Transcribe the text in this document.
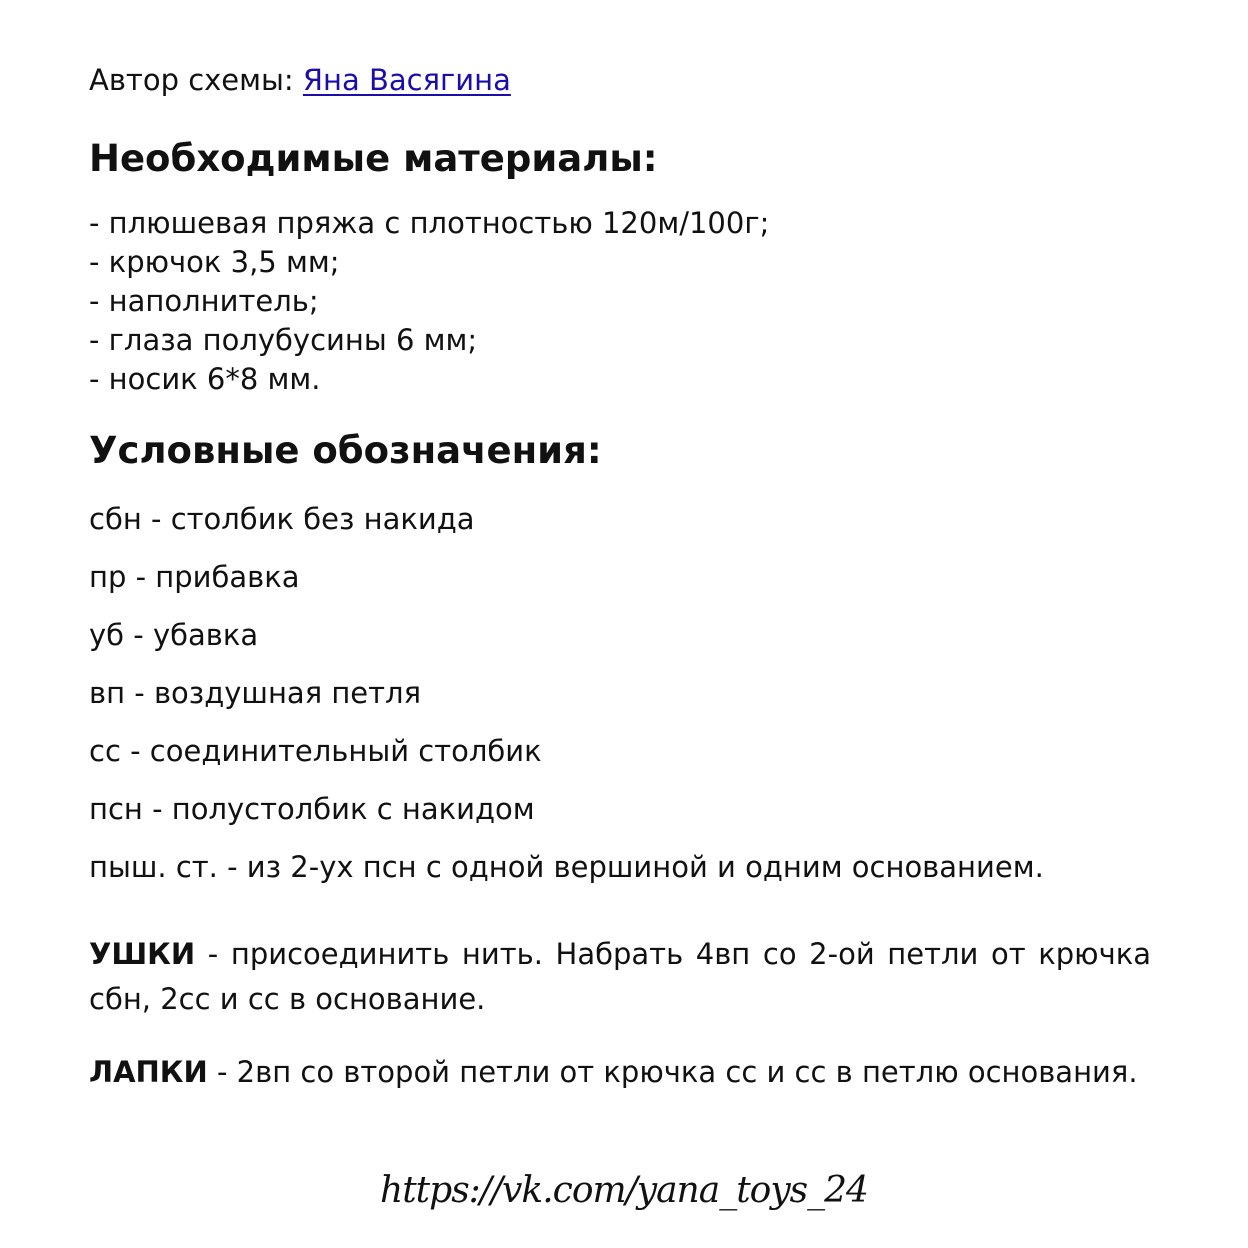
Автор схемы: Яна Васягина
Необходимые материалы:
- плюшевая пряжа с плотностью 120м/100г;
- крючок 3,5 мм;
- наполнитель;
- глаза полубусины 6 мм;
- носик 6*8 мм.
Условные обозначения:
сбн - столбик без накида
пр - прибавка
уб - убавка
вп - воздушная петля
сс - соединительный столбик
псн - полустолбик с накидом
пыш. ст. - из 2-ух псн с одной вершиной и одним основанием.
УШКИ - присоединить нить. Набрать 4вп со 2-ой петли от крючка сбн, 2сс и сс в основание.
ЛАПКИ - 2вп со второй петли от крючка сс и сс в петлю основания.
https://vk.com/yana_toys_24
